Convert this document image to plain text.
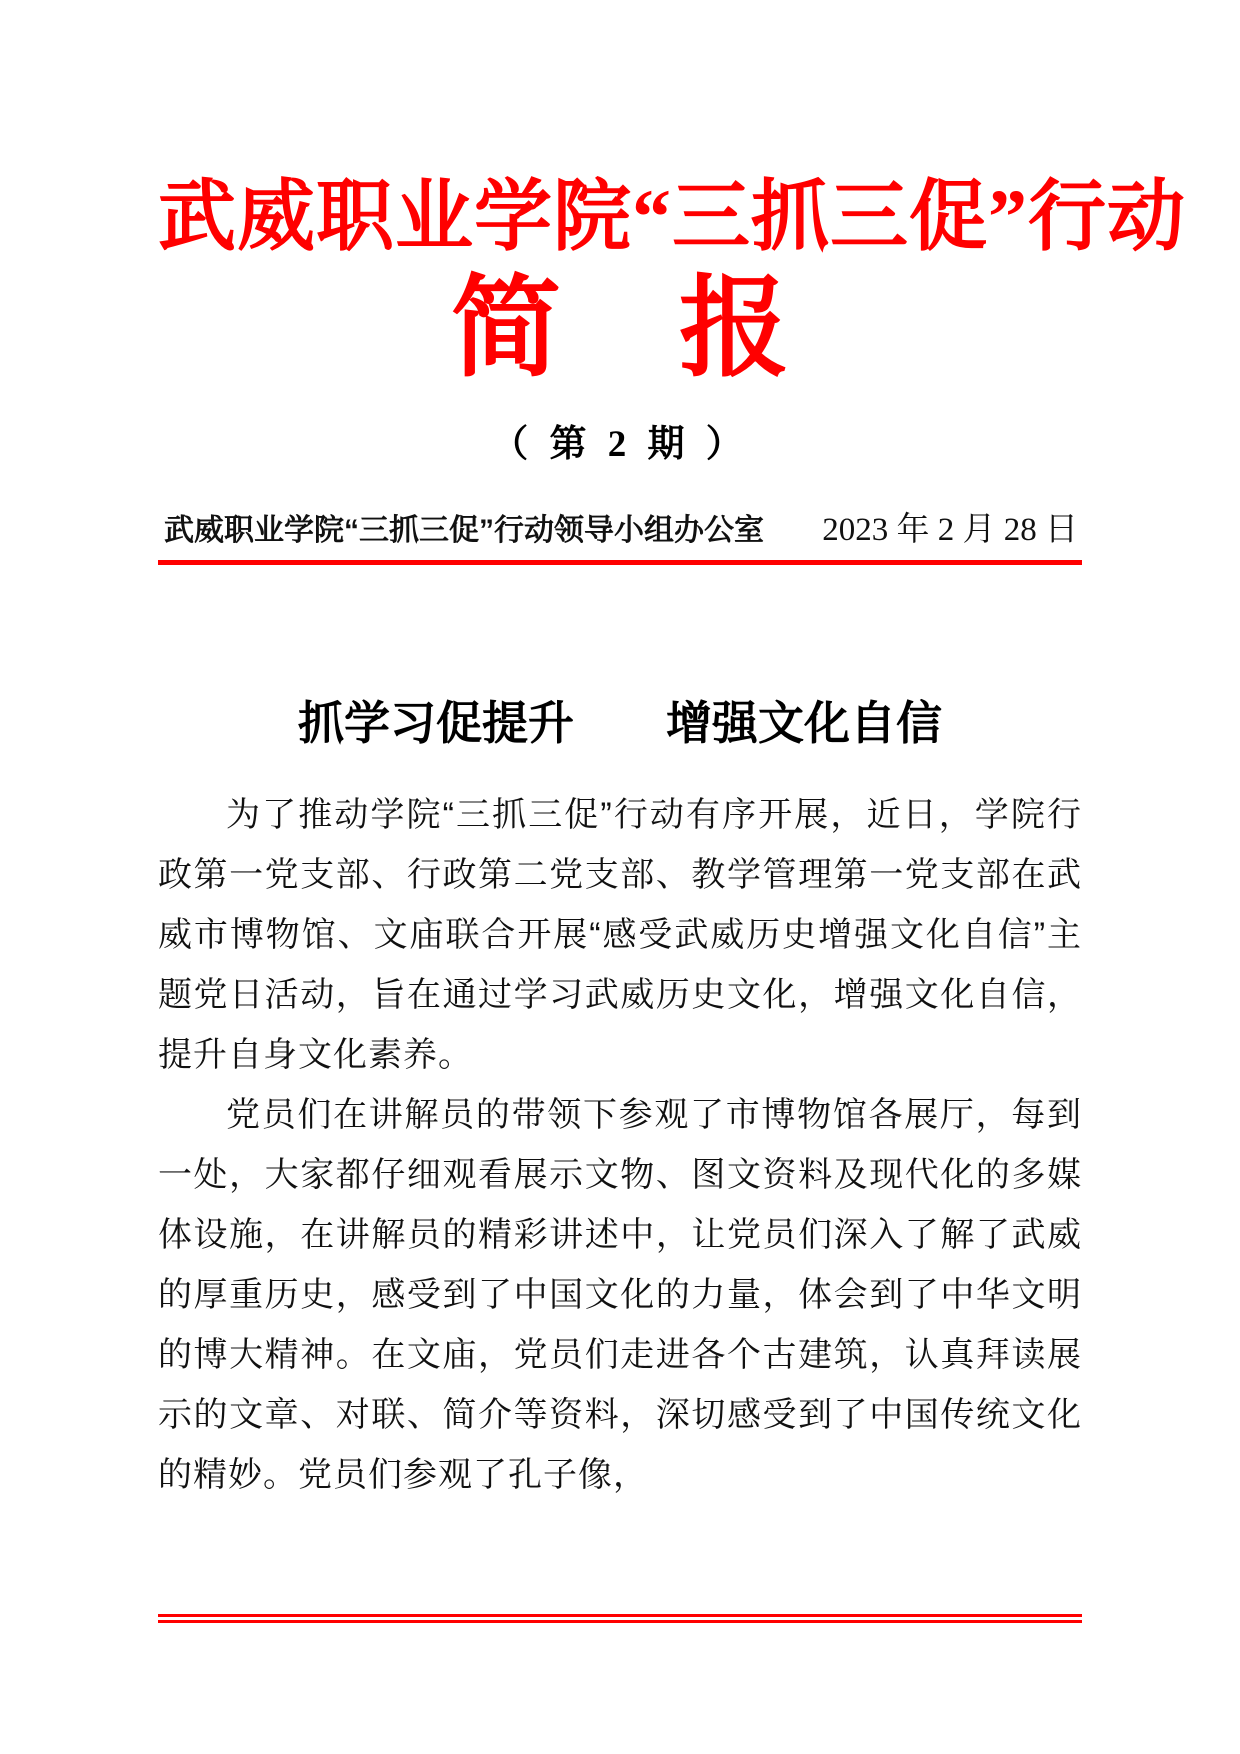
武威职业学院“三抓三促”行动
简 报
（ 第 2 期 ）
武威职业学院“三抓三促”行动领导小组办公室 2023 年 2 月 28 日
抓学习促提升 增强文化自信

为了推动学院“三抓三促”行动有序开展，近日，学院行政第一党支部、行政第二党支部、教学管理第一党支部在武威市博物馆、文庙联合开展“感受武威历史增强文化自信”主题党日活动，旨在通过学习武威历史文化，增强文化自信，提升自身文化素养。

党员们在讲解员的带领下参观了市博物馆各展厅，每到一处，大家都仔细观看展示文物、图文资料及现代化的多媒体设施，在讲解员的精彩讲述中，让党员们深入了解了武威的厚重历史，感受到了中国文化的力量，体会到了中华文明的博大精神。在文庙，党员们走进各个古建筑，认真拜读展示的文章、对联、简介等资料，深切感受到了中国传统文化的精妙。党员们参观了孔子像，
